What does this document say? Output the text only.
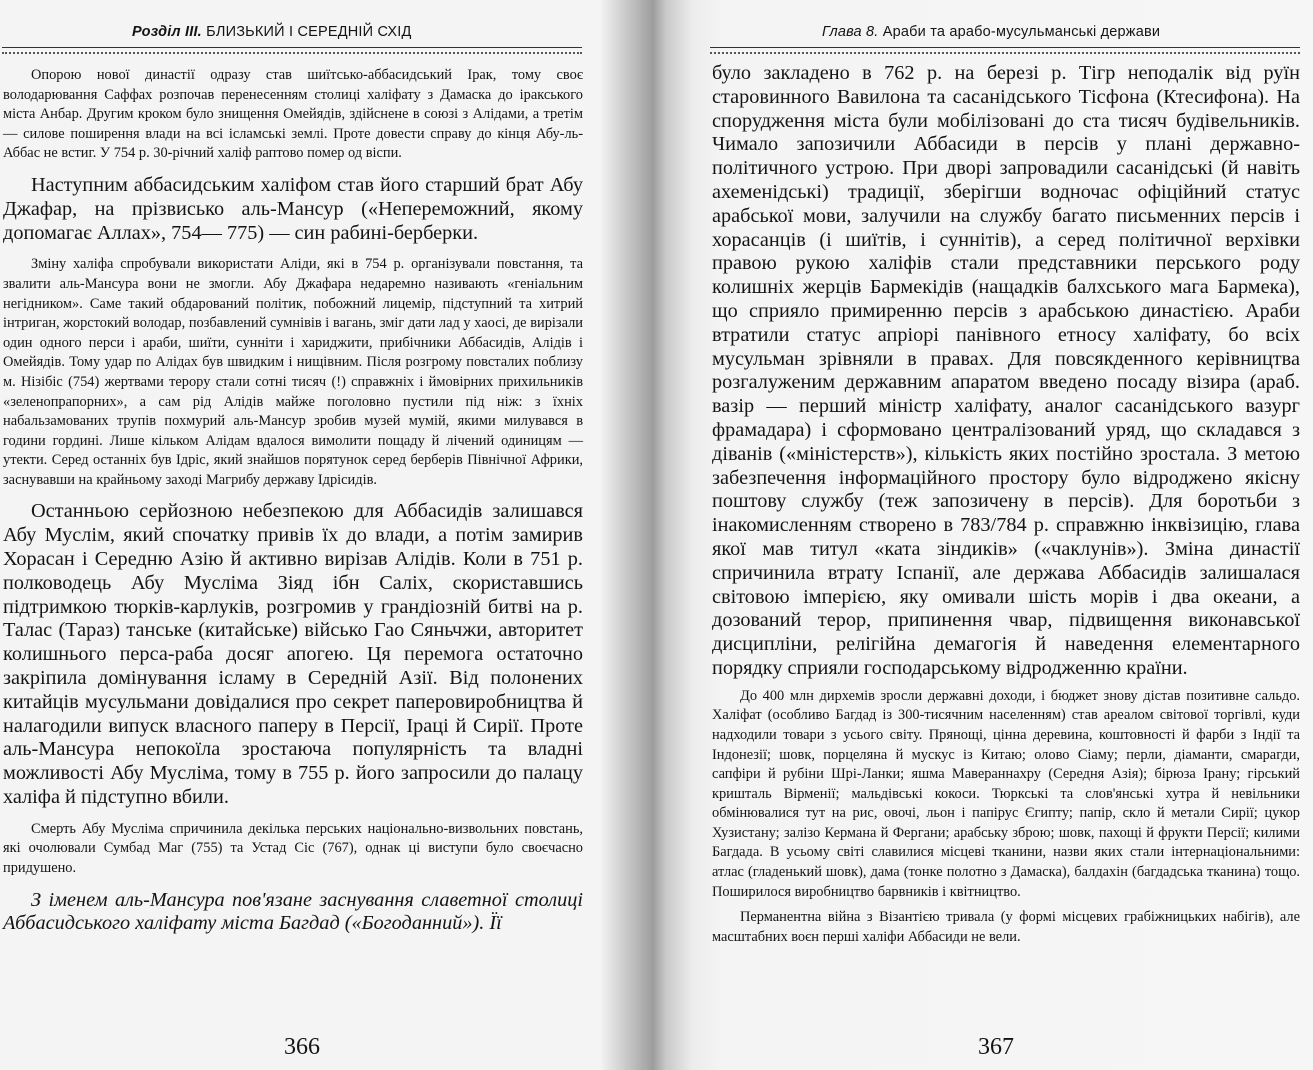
Розділ III. БЛИЗЬКИЙ І СЕРЕДНІЙ СХІД

Опорою нової династії одразу став шиїтсько-аббасидський Ірак, тому своє володарювання Саффах розпочав перенесенням столиці халіфату з Дамаска до іракського міста Анбар. Другим кроком було знищення Омейядів, здійснене в союзі з Алідами, а третім — силове поширення влади на всі ісламські землі. Проте довести справу до кінця Абу-ль-Аббас не встиг. У 754 р. 30-річний халіф раптово помер од віспи.

Наступним аббасидським халіфом став його старший брат Абу Джафар, на прізвисько аль-Мансур («Непереможний, якому допомагає Аллах», 754— 775) — син рабині-берберки.

Зміну халіфа спробували використати Аліди, які в 754 р. організували повстання, та звалити аль-Мансура вони не змогли. Абу Джафара недаремно називають «геніальним негідником». Саме такий обдарований політик, побожний лицемір, підступний та хитрий інтриган, жорстокий володар, позбавлений сумнівів і вагань, зміг дати лад у хаосі, де вирізали один одного перси і араби, шиїти, сунніти і хариджити, прибічники Аббасидів, Алідів і Омейядів. Тому удар по Алідах був швидким і нищівним. Після розгрому повсталих поблизу м. Нізібіс (754) жертвами терору стали сотні тисяч (!) справжніх і ймовірних прихильників «зеленопрапорних», а сам рід Алідів майже поголовно пустили під ніж: з їхніх набальзамованих трупів похмурий аль-Мансур зробив музей мумій, якими милувався в години гордині. Лише кільком Алідам вдалося вимолити пощаду й лічений одиницям — утекти. Серед останніх був Ідріс, який знайшов порятунок серед берберів Північної Африки, заснувавши на крайньому заході Магрибу державу Ідрісидів.

Останньою серйозною небезпекою для Аббасидів залишався Абу Муслім, який спочатку привів їх до влади, а потім замирив Хорасан і Середню Азію й активно вирізав Алідів. Коли в 751 р. полководець Абу Мусліма Зіяд ібн Саліх, скориставшись підтримкою тюрків-карлуків, розгромив у грандіозній битві на р. Талас (Тараз) танське (китайське) військо Гао Сяньчжи, авторитет колишнього перса-раба досяг апогею. Ця перемога остаточно закріпила домінування ісламу в Середній Азії. Від полонених китайців мусульмани довідалися про секрет паперовиробництва й налагодили випуск власного паперу в Персії, Іраці й Сирії. Проте аль-Мансура непокоїла зростаюча популярність та владні можливості Абу Мусліма, тому в 755 р. його запросили до палацу халіфа й підступно вбили.

Смерть Абу Мусліма спричинила декілька перських національно-визвольних повстань, які очолювали Сумбад Маг (755) та Устад Сіс (767), однак ці виступи було своєчасно придушено.

З іменем аль-Мансура пов'язане заснування славетної столиці Аббасидського халіфату міста Багдад («Богоданний»). Її

366
Глава 8. Араби та арабо-мусульманські держави

було закладено в 762 р. на березі р. Тігр неподалік від руїн старовинного Вавилона та сасанідського Тісфона (Ктесифона). На спорудження міста були мобілізовані до ста тисяч будівельників. Чимало запозичили Аббасиди в персів у плані державно-політичного устрою. При дворі запровадили сасанідські (й навіть ахеменідські) традиції, зберігши водночас офіційний статус арабської мови, залучили на службу багато письменних персів і хорасанців (і шиїтів, і суннітів), а серед політичної верхівки правою рукою халіфів стали представники перського роду колишніх жерців Бармекідів (нащадків балхського мага Бармека), що сприяло примиренню персів з арабською династією. Араби втратили статус апріорі панівного етносу халіфату, бо всіх мусульман зрівняли в правах. Для повсякденного керівництва розгалуженим державним апаратом введено посаду візира (араб. вазір — перший міністр халіфату, аналог сасанідського вазург фрамадара) і сформовано централізований уряд, що складався з діванів («міністерств»), кількість яких постійно зростала. З метою забезпечення інформаційного простору було відроджено якісну поштову службу (теж запозичену в персів). Для боротьби з інакомисленням створено в 783/784 р. справжню інквізицію, глава якої мав титул «ката зіндиків» («чаклунів»). Зміна династії спричинила втрату Іспанії, але держава Аббасидів залишалася світовою імперією, яку омивали шість морів і два океани, а дозований терор, припинення чвар, підвищення виконавської дисципліни, релігійна демагогія й наведення елементарного порядку сприяли господарському відродженню країни.

До 400 млн дирхемів зросли державні доходи, і бюджет знову дістав позитивне сальдо. Халіфат (особливо Багдад із 300-тисячним населенням) став ареалом світової торгівлі, куди надходили товари з усього світу. Прянощі, цінна деревина, коштовності й фарби з Індії та Індонезії; шовк, порцеляна й мускус із Китаю; олово Сіаму; перли, діаманти, смарагди, сапфіри й рубіни Шрі-Ланки; яшма Мавераннахру (Середня Азія); бірюза Ірану; гірський кришталь Вірменії; мальдівські кокоси. Тюркські та слов'янські хутра й невільники обмінювалися тут на рис, овочі, льон і папірус Єгипту; папір, скло й метали Сирії; цукор Хузистану; залізо Кермана й Фергани; арабську зброю; шовк, пахощі й фрукти Персії; килими Багдада. В усьому світі славилися місцеві тканини, назви яких стали інтернаціональними: атлас (гладенький шовк), дама (тонке полотно з Дамаска), балдахін (багдадська тканина) тощо. Поширилося виробництво барвників і квітництво.

Перманентна війна з Візантією тривала (у формі місцевих грабіжницьких набігів), але масштабних воєн перші халіфи Аббасиди не вели.

367
